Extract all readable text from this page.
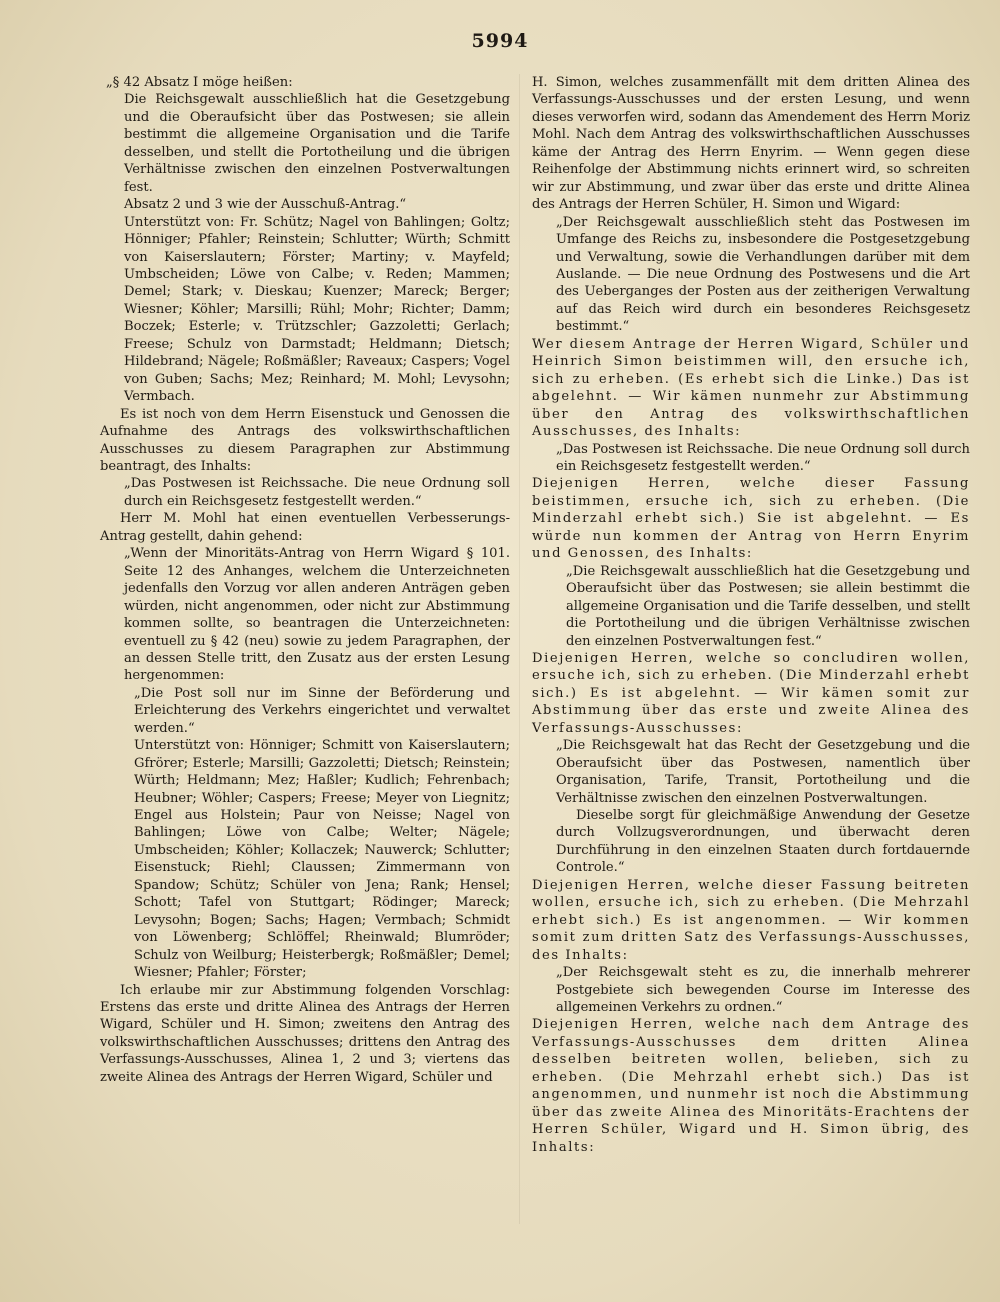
5994

„§ 42 Absatz I möge heißen:

Die Reichsgewalt ausschließlich hat die Gesetzgebung und die Oberaufsicht über das Postwesen; sie allein bestimmt die allgemeine Organisation und die Tarife desselben, und stellt die Portotheilung und die übrigen Verhältnisse zwischen den einzelnen Postverwaltungen fest.

Absatz 2 und 3 wie der Ausschuß-Antrag.“

Unterstützt von: Fr. Schütz; Nagel von Bahlingen; Goltz; Hönniger; Pfahler; Reinstein; Schlutter; Würth; Schmitt von Kaiserslautern; Förster; Martiny; v. Mayfeld; Umbscheiden; Löwe von Calbe; v. Reden; Mammen; Demel; Stark; v. Dieskau; Kuenzer; Mareck; Berger; Wiesner; Köhler; Marsilli; Rühl; Mohr; Richter; Damm; Boczek; Esterle; v. Trützschler; Gazzoletti; Gerlach; Freese; Schulz von Darmstadt; Heldmann; Dietsch; Hildebrand; Nägele; Roßmäßler; Raveaux; Caspers; Vogel von Guben; Sachs; Mez; Reinhard; M. Mohl; Levysohn; Vermbach.

Es ist noch von dem Herrn Eisenstuck und Genossen die Aufnahme des Antrags des volkswirthschaftlichen Ausschusses zu diesem Paragraphen zur Abstimmung beantragt, des Inhalts:

„Das Postwesen ist Reichssache. Die neue Ordnung soll durch ein Reichsgesetz festgestellt werden.“

Herr M. Mohl hat einen eventuellen Verbesserungs-Antrag gestellt, dahin gehend:

„Wenn der Minoritäts-Antrag von Herrn Wigard § 101. Seite 12 des Anhanges, welchem die Unterzeichneten jedenfalls den Vorzug vor allen anderen Anträgen geben würden, nicht angenommen, oder nicht zur Abstimmung kommen sollte, so beantragen die Unterzeichneten: eventuell zu § 42 (neu) sowie zu jedem Paragraphen, der an dessen Stelle tritt, den Zusatz aus der ersten Lesung hergenommen:

„Die Post soll nur im Sinne der Beförderung und Erleichterung des Verkehrs eingerichtet und verwaltet werden.“

Unterstützt von: Hönniger; Schmitt von Kaiserslautern; Gfrörer; Esterle; Marsilli; Gazzoletti; Dietsch; Reinstein; Würth; Heldmann; Mez; Haßler; Kudlich; Fehrenbach; Heubner; Wöhler; Caspers; Freese; Meyer von Liegnitz; Engel aus Holstein; Paur von Neisse; Nagel von Bahlingen; Löwe von Calbe; Welter; Nägele; Umbscheiden; Köhler; Kollaczek; Nauwerck; Schlutter; Eisenstuck; Riehl; Claussen; Zimmermann von Spandow; Schütz; Schüler von Jena; Rank; Hensel; Schott; Tafel von Stuttgart; Rödinger; Mareck; Levysohn; Bogen; Sachs; Hagen; Vermbach; Schmidt von Löwenberg; Schlöffel; Rheinwald; Blumröder; Schulz von Weilburg; Heisterbergk; Roßmäßler; Demel; Wiesner; Pfahler; Förster;

Ich erlaube mir zur Abstimmung folgenden Vorschlag: Erstens das erste und dritte Alinea des Antrags der Herren Wigard, Schüler und H. Simon; zweitens den Antrag des volkswirthschaftlichen Ausschusses; drittens den Antrag des Verfassungs-Ausschusses, Alinea 1, 2 und 3; viertens das zweite Alinea des Antrags der Herren Wigard, Schüler und

H. Simon, welches zusammenfällt mit dem dritten Alinea des Verfassungs-Ausschusses und der ersten Lesung, und wenn dieses verworfen wird, sodann das Amendement des Herrn Moriz Mohl. Nach dem Antrag des volkswirthschaftlichen Ausschusses käme der Antrag des Herrn Enyrim. — Wenn gegen diese Reihenfolge der Abstimmung nichts erinnert wird, so schreiten wir zur Abstimmung, und zwar über das erste und dritte Alinea des Antrags der Herren Schüler, H. Simon und Wigard:

„Der Reichsgewalt ausschließlich steht das Postwesen im Umfange des Reichs zu, insbesondere die Postgesetzgebung und Verwaltung, sowie die Verhandlungen darüber mit dem Auslande. — Die neue Ordnung des Postwesens und die Art des Ueberganges der Posten aus der zeitherigen Verwaltung auf das Reich wird durch ein besonderes Reichsgesetz bestimmt.“

Wer diesem Antrage der Herren Wigard, Schüler und Heinrich Simon beistimmen will, den ersuche ich, sich zu erheben. (Es erhebt sich die Linke.) Das ist abgelehnt. — Wir kämen nunmehr zur Abstimmung über den Antrag des volkswirthschaftlichen Ausschusses, des Inhalts:

„Das Postwesen ist Reichssache. Die neue Ordnung soll durch ein Reichsgesetz festgestellt werden.“

Diejenigen Herren, welche dieser Fassung beistimmen, ersuche ich, sich zu erheben. (Die Minderzahl erhebt sich.) Sie ist abgelehnt. — Es würde nun kommen der Antrag von Herrn Enyrim und Genossen, des Inhalts:

„Die Reichsgewalt ausschließlich hat die Gesetzgebung und Oberaufsicht über das Postwesen; sie allein bestimmt die allgemeine Organisation und die Tarife desselben, und stellt die Portotheilung und die übrigen Verhältnisse zwischen den einzelnen Postverwaltungen fest.“

Diejenigen Herren, welche so concludiren wollen, ersuche ich, sich zu erheben. (Die Minderzahl erhebt sich.) Es ist abgelehnt. — Wir kämen somit zur Abstimmung über das erste und zweite Alinea des Verfassungs-Ausschusses:

„Die Reichsgewalt hat das Recht der Gesetzgebung und die Oberaufsicht über das Postwesen, namentlich über Organisation, Tarife, Transit, Portotheilung und die Verhältnisse zwischen den einzelnen Postverwaltungen.

Dieselbe sorgt für gleichmäßige Anwendung der Gesetze durch Vollzugsverordnungen, und überwacht deren Durchführung in den einzelnen Staaten durch fortdauernde Controle.“

Diejenigen Herren, welche dieser Fassung beitreten wollen, ersuche ich, sich zu erheben. (Die Mehrzahl erhebt sich.) Es ist angenommen. — Wir kommen somit zum dritten Satz des Verfassungs-Ausschusses, des Inhalts:

„Der Reichsgewalt steht es zu, die innerhalb mehrerer Postgebiete sich bewegenden Course im Interesse des allgemeinen Verkehrs zu ordnen.“

Diejenigen Herren, welche nach dem Antrage des Verfassungs-Ausschusses dem dritten Alinea desselben beitreten wollen, belieben, sich zu erheben. (Die Mehrzahl erhebt sich.) Das ist angenommen, und nunmehr ist noch die Abstimmung über das zweite Alinea des Minoritäts-Erachtens der Herren Schüler, Wigard und H. Simon übrig, des Inhalts:
